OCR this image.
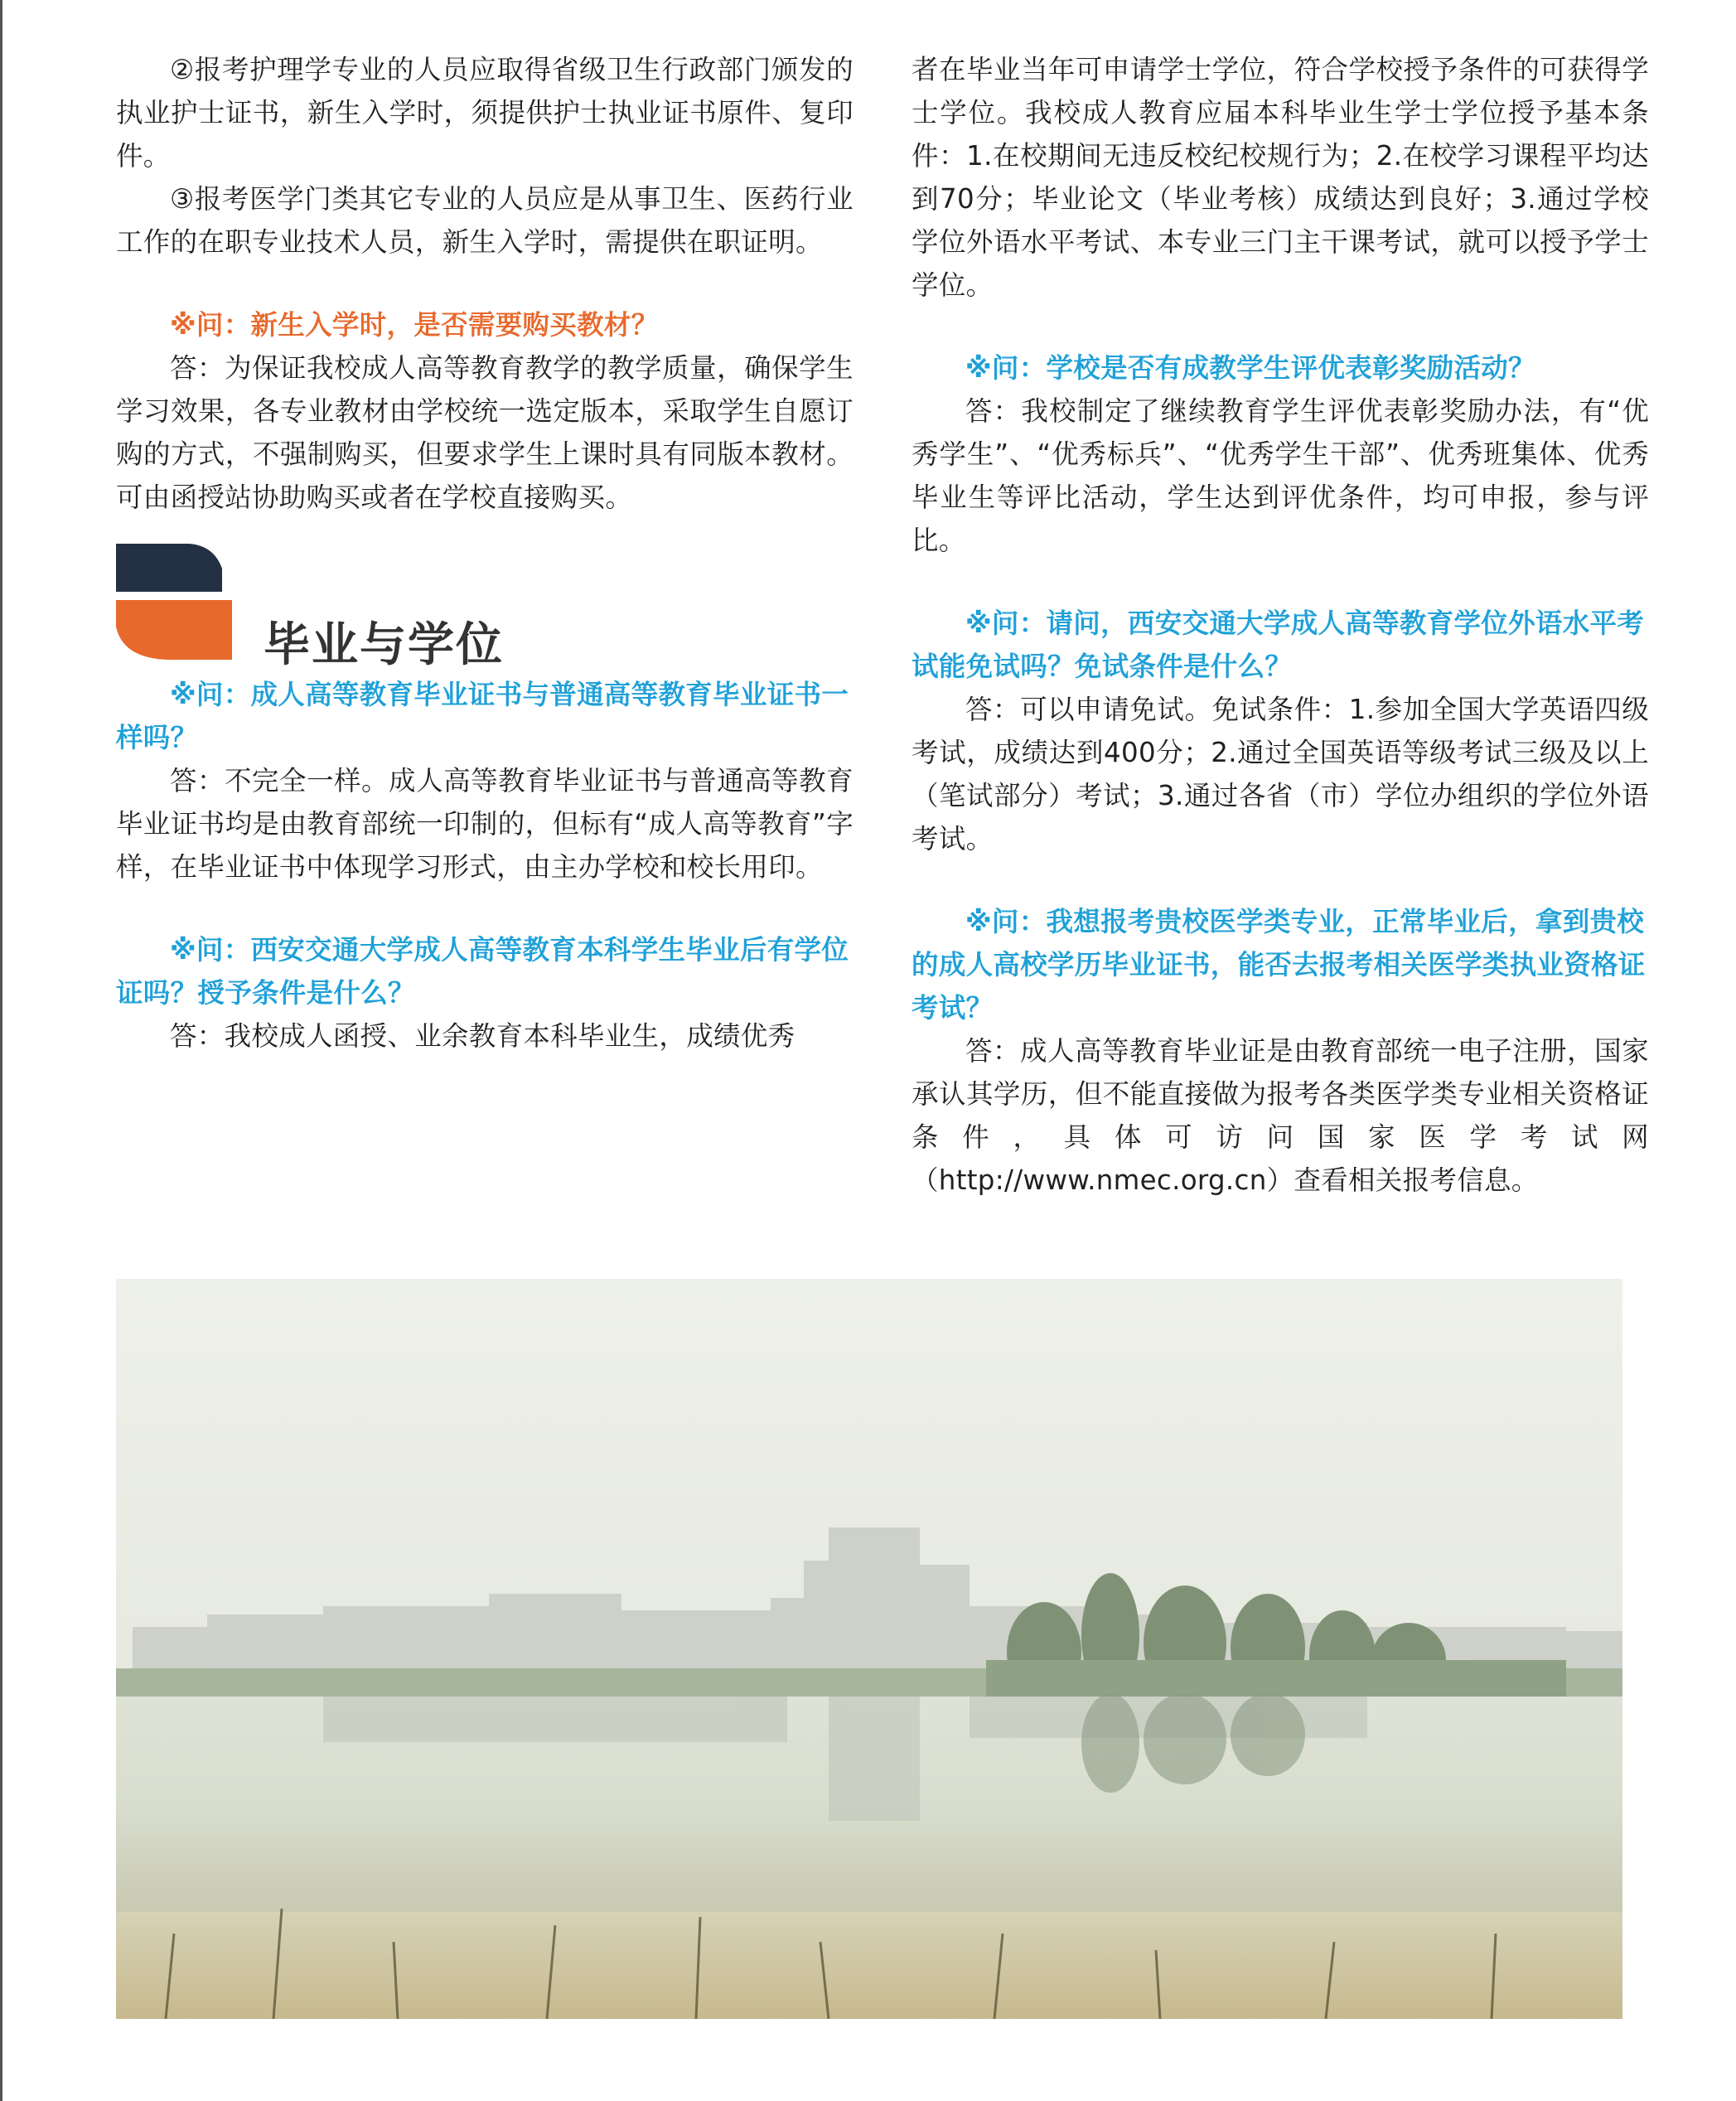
②报考护理学专业的人员应取得省级卫生行政部门颁发的执业护士证书，新生入学时，须提供护士执业证书原件、复印件。

③报考医学门类其它专业的人员应是从事卫生、医药行业工作的在职专业技术人员，新生入学时，需提供在职证明。

※问：新生入学时，是否需要购买教材？

答：为保证我校成人高等教育教学的教学质量，确保学生学习效果，各专业教材由学校统一选定版本，采取学生自愿订购的方式，不强制购买，但要求学生上课时具有同版本教材。可由函授站协助购买或者在学校直接购买。

毕业与学位

※问：成人高等教育毕业证书与普通高等教育毕业证书一样吗？

答：不完全一样。成人高等教育毕业证书与普通高等教育毕业证书均是由教育部统一印制的，但标有“成人高等教育”字样，在毕业证书中体现学习形式，由主办学校和校长用印。

※问：西安交通大学成人高等教育本科学生毕业后有学位证吗？授予条件是什么？

答：我校成人函授、业余教育本科毕业生，成绩优秀

者在毕业当年可申请学士学位，符合学校授予条件的可获得学士学位。我校成人教育应届本科毕业生学士学位授予基本条件：1.在校期间无违反校纪校规行为；2.在校学习课程平均达到70分；毕业论文（毕业考核）成绩达到良好；3.通过学校学位外语水平考试、本专业三门主干课考试，就可以授予学士学位。

※问：学校是否有成教学生评优表彰奖励活动？

答：我校制定了继续教育学生评优表彰奖励办法，有“优秀学生”、“优秀标兵”、“优秀学生干部”、优秀班集体、优秀毕业生等评比活动，学生达到评优条件，均可申报，参与评比。

※问：请问，西安交通大学成人高等教育学位外语水平考试能免试吗？免试条件是什么？

答：可以申请免试。免试条件：1.参加全国大学英语四级考试，成绩达到400分；2.通过全国英语等级考试三级及以上（笔试部分）考试；3.通过各省（市）学位办组织的学位外语考试。

※问：我想报考贵校医学类专业，正常毕业后，拿到贵校的成人高校学历毕业证书，能否去报考相关医学类执业资格证考试？

答：成人高等教育毕业证是由教育部统一电子注册，国家承认其学历，但不能直接做为报考各类医学类专业相关资格证条件，具体可访问国家医学考试网（http://www.nmec.org.cn）查看相关报考信息。
